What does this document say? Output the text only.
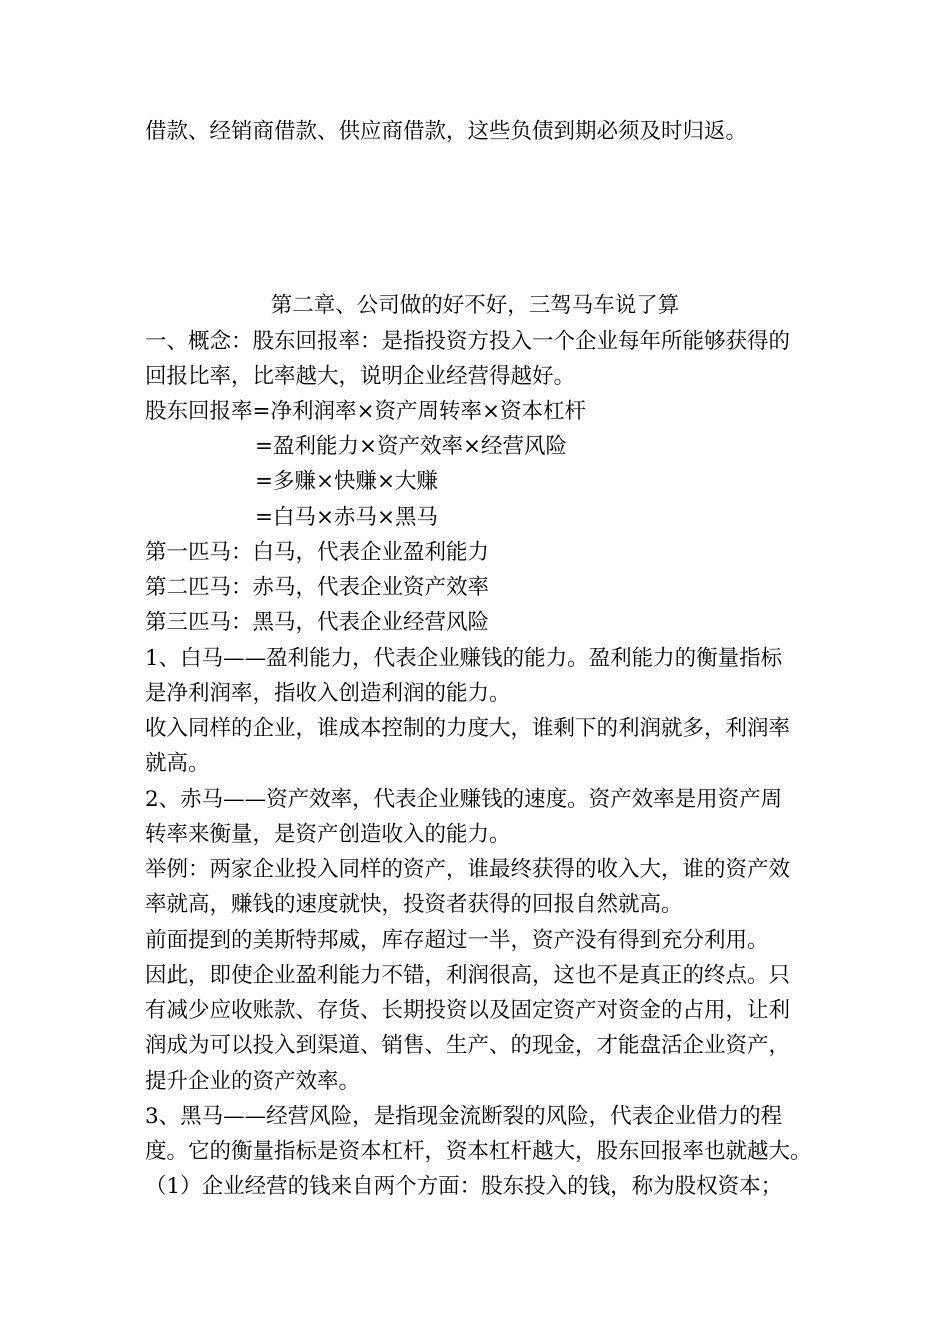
借款、经销商借款、供应商借款，这些负债到期必须及时归返。

第二章、公司做的好不好，三驾马车说了算

一、概念：股东回报率：是指投资方投入一个企业每年所能够获得的

回报比率，比率越大，说明企业经营得越好。

股东回报率=净利润率×资产周转率×资本杠杆

=盈利能力×资产效率×经营风险

=多赚×快赚×大赚

=白马×赤马×黑马

第一匹马：白马，代表企业盈利能力

第二匹马：赤马，代表企业资产效率

第三匹马：黑马，代表企业经营风险

1、白马——盈利能力，代表企业赚钱的能力。盈利能力的衡量指标

是净利润率，指收入创造利润的能力。

收入同样的企业，谁成本控制的力度大，谁剩下的利润就多，利润率

就高。

2、赤马——资产效率，代表企业赚钱的速度。资产效率是用资产周

转率来衡量，是资产创造收入的能力。

举例：两家企业投入同样的资产，谁最终获得的收入大，谁的资产效

率就高，赚钱的速度就快，投资者获得的回报自然就高。

前面提到的美斯特邦威，库存超过一半，资产没有得到充分利用。

因此，即使企业盈利能力不错，利润很高，这也不是真正的终点。只

有减少应收账款、存货、长期投资以及固定资产对资金的占用，让利

润成为可以投入到渠道、销售、生产、的现金，才能盘活企业资产，

提升企业的资产效率。

3、黑马——经营风险，是指现金流断裂的风险，代表企业借力的程

度。它的衡量指标是资本杠杆，资本杠杆越大，股东回报率也就越大。

（1）企业经营的钱来自两个方面：股东投入的钱，称为股权资本；
